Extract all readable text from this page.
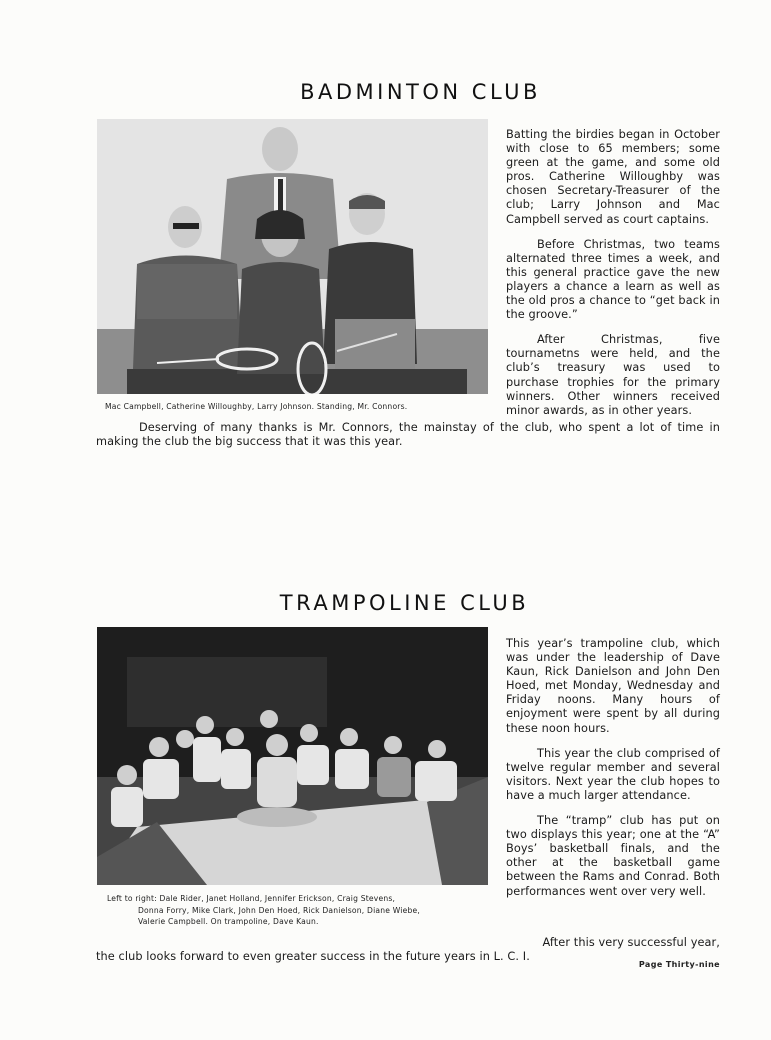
BADMINTON CLUB
Mac Campbell, Catherine Willoughby, Larry Johnson. Standing, Mr. Connors.

Batting the birdies began in October with close to 65 members; some green at the game, and some old pros. Catherine Willoughby was chosen Secretary-Treasurer of the club; Larry Johnson and Mac Campbell served as court captains.

Before Christmas, two teams alternated three times a week, and this general practice gave the new players a chance a learn as well as the old pros a chance to “get back in the groove.”

After Christmas, five tournametns were held, and the club’s treasury was used to purchase trophies for the primary winners. Other winners received minor awards, as in other years.

Deserving of many thanks is Mr. Connors, the mainstay of the club, who spent a lot of time in making the club the big success that it was this year.
TRAMPOLINE CLUB
Left to right: Dale Rider, Janet Holland, Jennifer Erickson, Craig Stevens,
Donna Forry, Mike Clark, John Den Hoed, Rick Danielson, Diane Wiebe,
Valerie Campbell. On trampoline, Dave Kaun.

This year’s trampoline club, which was under the leadership of Dave Kaun, Rick Danielson and John Den Hoed, met Monday, Wednesday and Friday noons. Many hours of enjoyment were spent by all during these noon hours.

This year the club comprised of twelve regular member and several visitors. Next year the club hopes to have a much larger attendance.

The “tramp” club has put on two displays this year; one at the “A” Boys’ basketball finals, and the other at the basketball game between the Rams and Conrad. Both performances went over very well.

After this very successful year,
the club looks forward to even greater success in the future years in L. C. I.
Page Thirty-nine
